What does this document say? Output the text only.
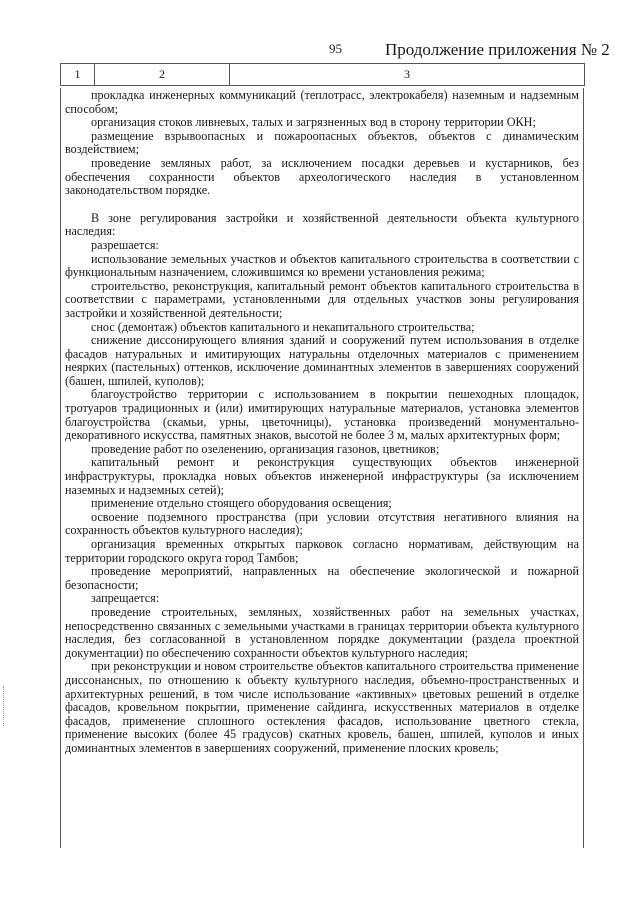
95	Продолжение приложения № 2
1	2	3

прокладка инженерных коммуникаций (теплотрасс, электрокабеля) наземным и надземным способом;

организация стоков ливневых, талых и загрязненных вод в сторону территории ОКН;

размещение взрывоопасных и пожароопасных объектов, объектов с динамическим воздействием;

проведение земляных работ, за исключением посадки деревьев и кустарников, без обеспечения сохранности объектов археологического наследия в установленном законодательством порядке.

В зоне регулирования застройки и хозяйственной деятельности объекта культурного наследия:

разрешается:

использование земельных участков и объектов капитального строительства в соответствии с функциональным назначением, сложившимся ко времени установления режима;

строительство, реконструкция, капитальный ремонт объектов капитального строительства в соответствии с параметрами, установленными для отдельных участков зоны регулирования застройки и хозяйственной деятельности;

снос (демонтаж) объектов капитального и некапитального строительства;

снижение диссонирующего влияния зданий и сооружений путем использования в отделке фасадов натуральных и имитирующих натуральны отделочных материалов с применением неярких (пастельных) оттенков, исключение доминантных элементов в завершениях сооружений (башен, шпилей, куполов);

благоустройство территории с использованием в покрытии пешеходных площадок, тротуаров традиционных и (или) имитирующих натуральные материалов, установка элементов благоустройства (скамьи, урны, цветочницы), установка произведений монументально-декоративного искусства, памятных знаков, высотой не более 3 м, малых архитектурных форм;

проведение работ по озеленению, организация газонов, цветников;

капитальный ремонт и реконструкция существующих объектов инженерной инфраструктуры, прокладка новых объектов инженерной инфраструктуры (за исключением наземных и надземных сетей);

применение отдельно стоящего оборудования освещения;

освоение подземного пространства (при условии отсутствия негативного влияния на сохранность объектов культурного наследия);

организация временных открытых парковок согласно нормативам, действующим на территории городского округа город Тамбов;

проведение мероприятий, направленных на обеспечение экологической и пожарной безопасности;

запрещается:

проведение строительных, земляных, хозяйственных работ на земельных участках, непосредственно связанных с земельными участками в границах территории объекта культурного наследия, без согласованной в установленном порядке документации (раздела проектной документации) по обеспечению сохранности объектов культурного наследия;

при реконструкции и новом строительстве объектов капитального строительства применение диссонансных, по отношению к объекту культурного наследия, объемно-пространственных и архитектурных решений, в том числе использование «активных» цветовых решений в отделке фасадов, кровельном покрытии, применение сайдинга, искусственных материалов в отделке фасадов, применение сплошного остекления фасадов, использование цветного стекла, применение высоких (более 45 градусов) скатных кровель, башен, шпилей, куполов и иных доминантных элементов в завершениях сооружений, применение плоских кровель;
